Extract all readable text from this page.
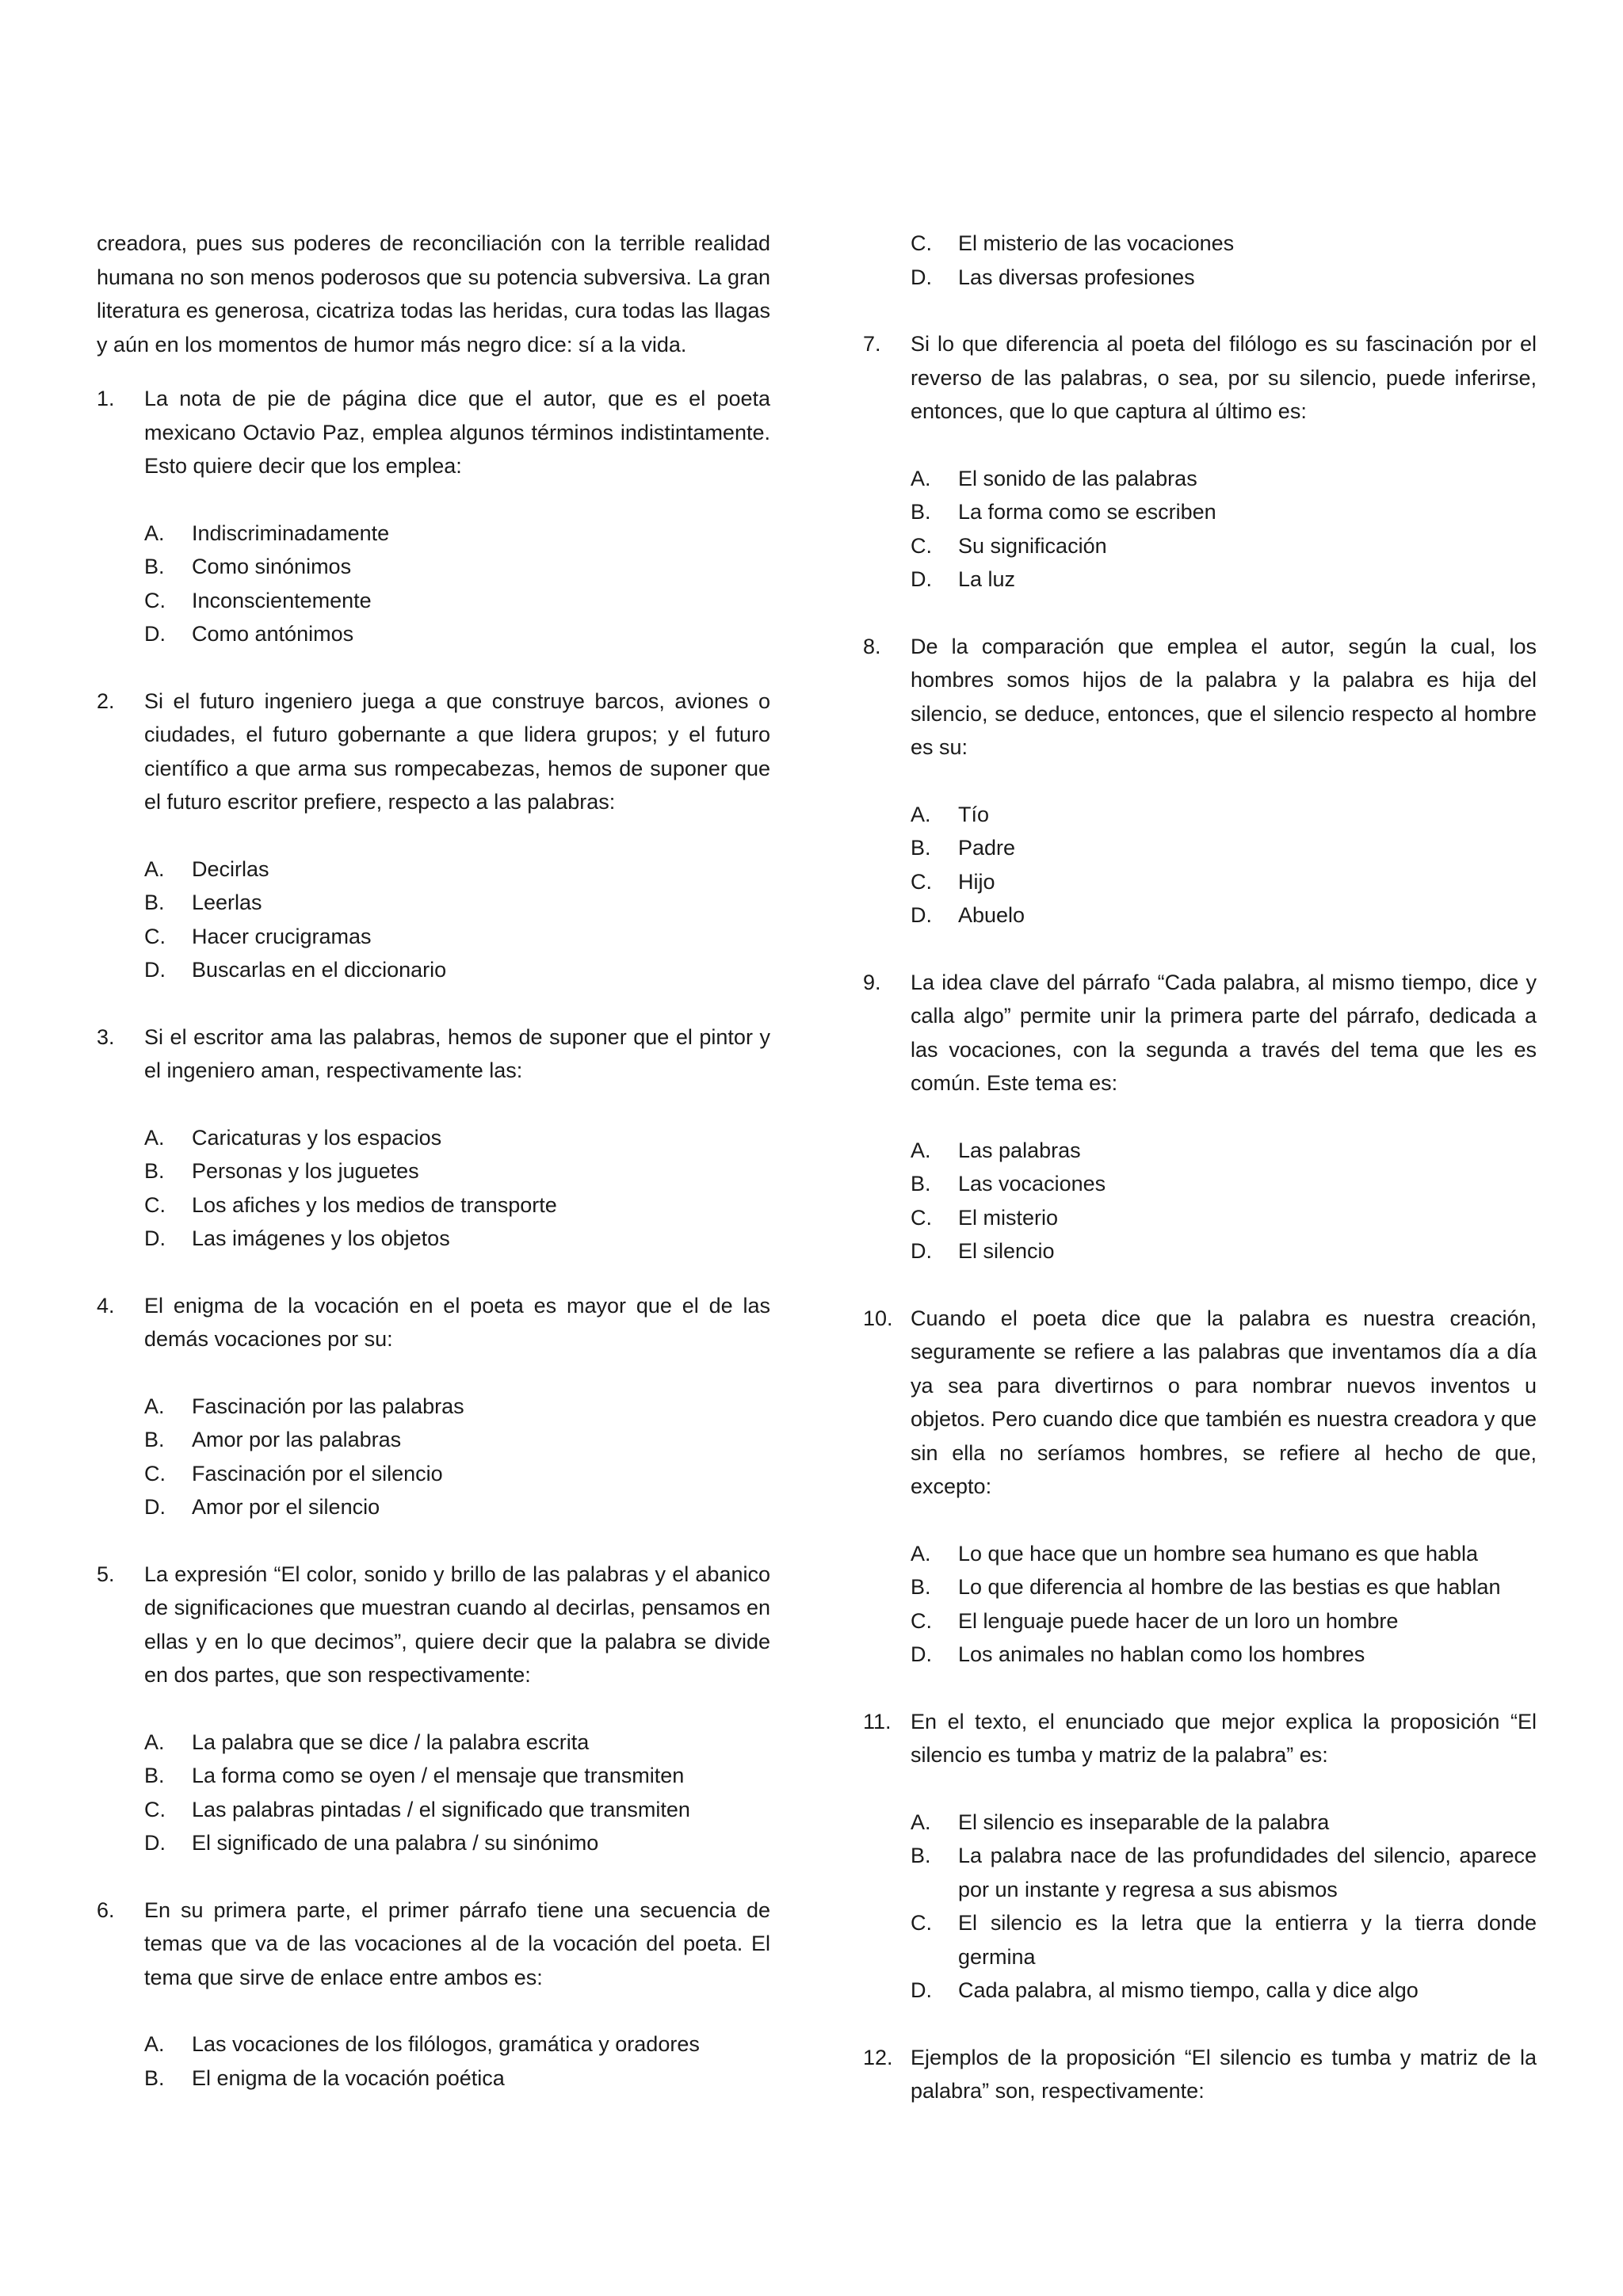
creadora, pues sus poderes de reconciliación con la terrible realidad humana no son menos poderosos que su potencia subversiva. La gran literatura es generosa, cicatriza todas las heridas, cura todas las llagas y aún en los momentos de humor más negro dice: sí a la vida.

1.	La nota de pie de página dice que el autor, que es el poeta mexicano Octavio Paz, emplea algunos términos indistintamente. Esto quiere decir que los emplea:
A.	Indiscriminadamente
B.	Como sinónimos
C.	Inconscientemente
D.	Como antónimos
2.	Si el futuro ingeniero juega a que construye barcos, aviones o ciudades, el futuro gobernante a que lidera grupos; y el futuro científico a que arma sus rompecabezas, hemos de suponer que el futuro escritor prefiere, respecto a las palabras:
A.	Decirlas
B.	Leerlas
C.	Hacer crucigramas
D.	Buscarlas en el diccionario
3.	Si el escritor ama las palabras, hemos de suponer que el pintor y el ingeniero aman, respectivamente las:
A.	Caricaturas y los espacios
B.	Personas y los juguetes
C.	Los afiches y los medios de transporte
D.	Las imágenes y los objetos
4.	El enigma de la vocación en el poeta es mayor que el de las demás vocaciones por su:
A.	Fascinación por las palabras
B.	Amor por las palabras
C.	Fascinación por el silencio
D.	Amor por el silencio
5.	La expresión “El color, sonido y brillo de las palabras y el abanico de significaciones que muestran cuando al decirlas, pensamos en ellas y en lo que decimos”, quiere decir que la palabra se divide en dos partes, que son respectivamente:
A.	La palabra que se dice / la palabra escrita
B.	La forma como se oyen / el mensaje que transmiten
C.	Las palabras pintadas / el significado que transmiten
D.	El significado de una palabra / su sinónimo
6.	En su primera parte, el primer párrafo tiene una secuencia de temas que va de las vocaciones al de la vocación del poeta. El tema que sirve de enlace entre ambos es:
A.	Las vocaciones de los filólogos, gramática y oradores
B.	El enigma de la vocación poética
C.	El misterio de las vocaciones
D.	Las diversas profesiones
7.	Si lo que diferencia al poeta del filólogo es su fascinación por el reverso de las palabras, o sea, por su silencio, puede inferirse, entonces, que lo que captura al último es:
A.	El sonido de las palabras
B.	La forma como se escriben
C.	Su significación
D.	La luz
8.	De la comparación que emplea el autor, según la cual, los hombres somos hijos de la palabra y la palabra es hija del silencio, se deduce, entonces, que el silencio respecto al hombre es su:
A.	Tío
B.	Padre
C.	Hijo
D.	Abuelo
9.	La idea clave del párrafo “Cada palabra, al mismo tiempo, dice y calla algo” permite unir la primera parte del párrafo, dedicada a las vocaciones, con la segunda a través del tema que les es común. Este tema es:
A.	Las palabras
B.	Las vocaciones
C.	El misterio
D.	El silencio
10. Cuando el poeta dice que la palabra es nuestra creación, seguramente se refiere a las palabras que inventamos día a día ya sea para divertirnos o para nombrar nuevos inventos u objetos. Pero cuando dice que también es nuestra creadora y que sin ella no seríamos hombres, se refiere al hecho de que, excepto:
A.	Lo que hace que un hombre sea humano es que habla
B.	Lo que diferencia al hombre de las bestias es que hablan
C.	El lenguaje puede hacer de un loro un hombre
D.	Los animales no hablan como los hombres
11. En el texto, el enunciado que mejor explica la proposición “El silencio es tumba y matriz de la palabra” es:
A.	El silencio es inseparable de la palabra
B.	La palabra nace de las profundidades del silencio, aparece por un instante y regresa a sus abismos
C.	El silencio es la letra que la entierra y la tierra donde germina
D.	Cada palabra, al mismo tiempo, calla y dice algo
12. Ejemplos de la proposición “El silencio es tumba y matriz de la palabra” son, respectivamente:
